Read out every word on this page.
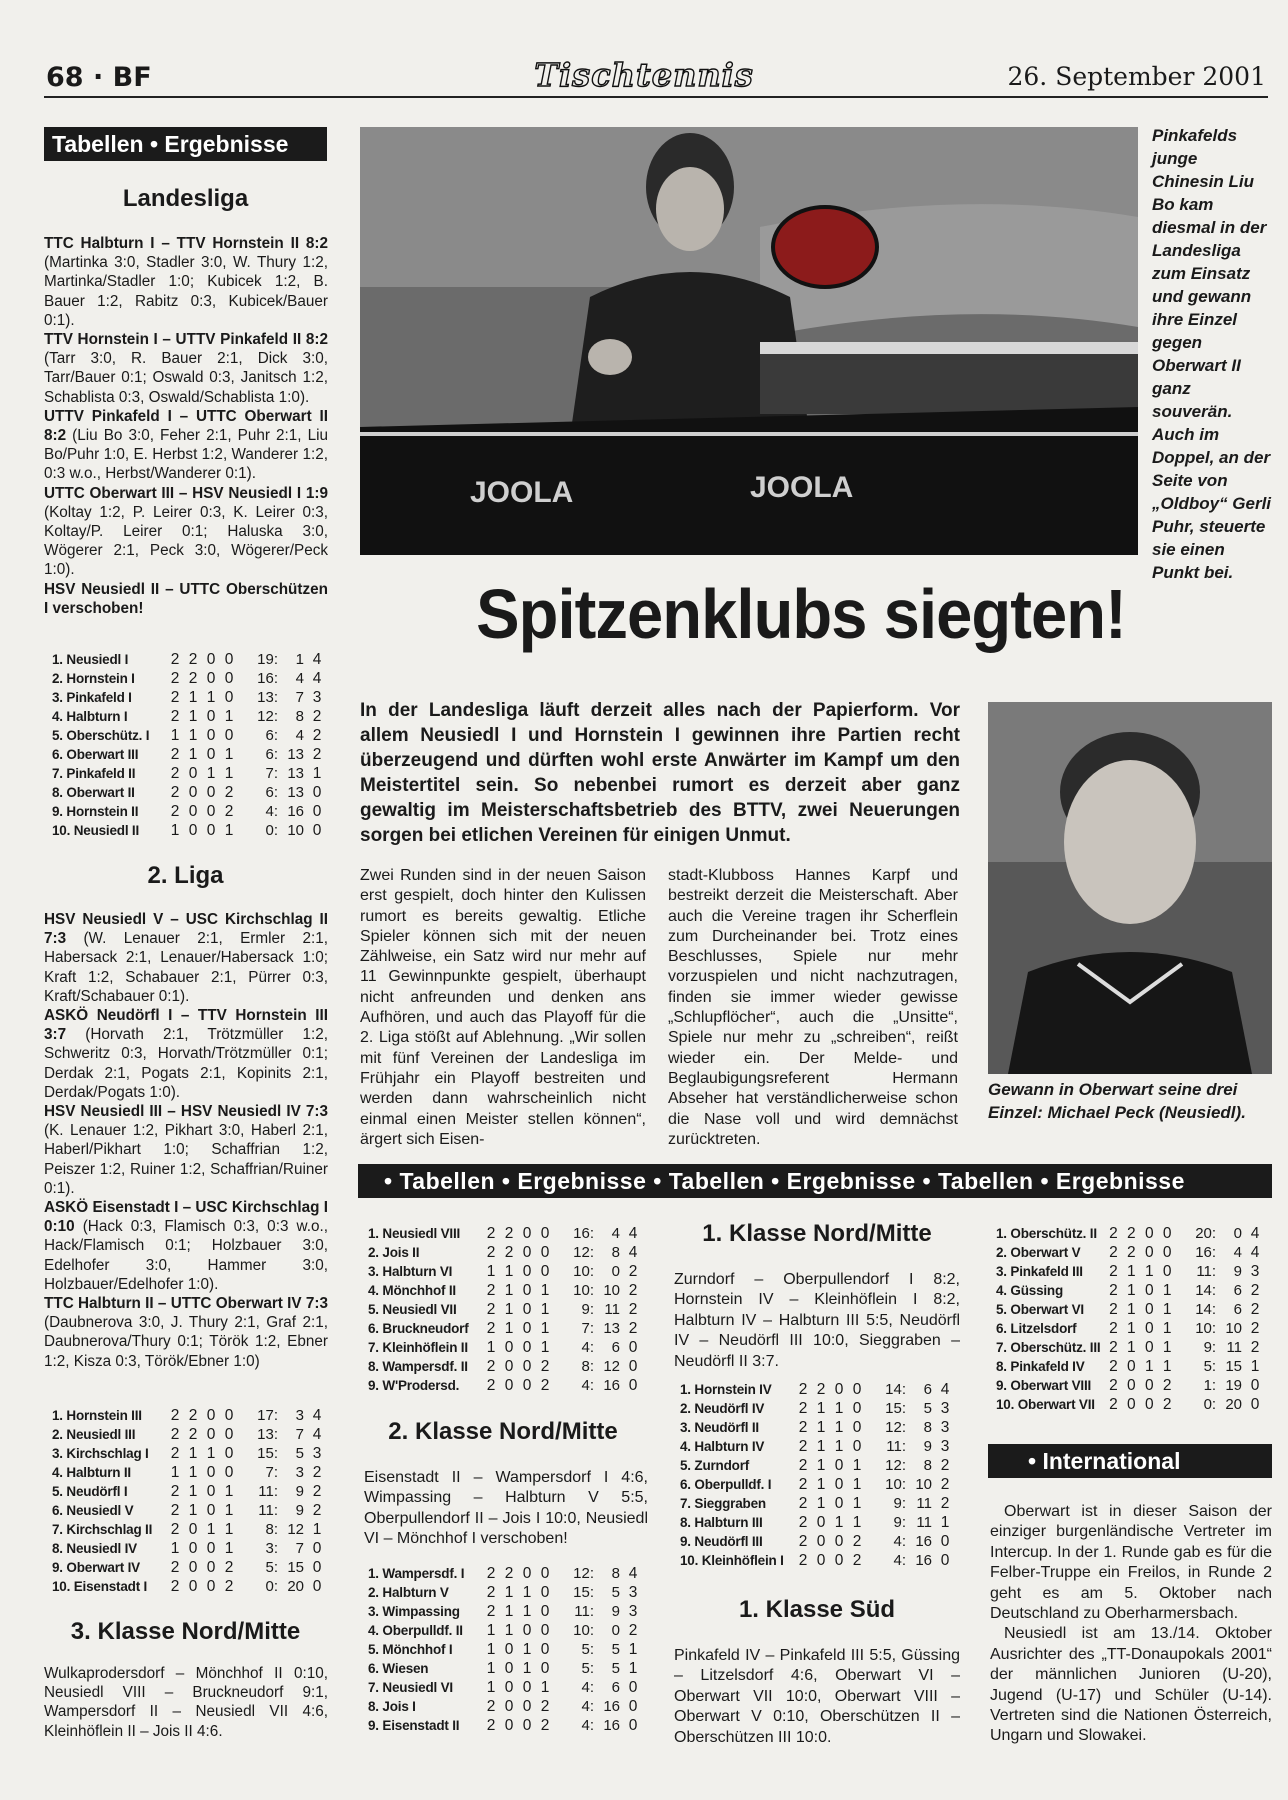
68 · BF	Tischtennis	26. September 2001
Tabellen • Ergebnisse
Landesliga

TTC Halbturn I – TTV Hornstein II 8:2 (Martinka 3:0, Stadler 3:0, W. Thury 1:2, Martinka/Stadler 1:0; Kubicek 1:2, B. Bauer 1:2, Rabitz 0:3, Kubicek/Bauer 0:1).

TTV Hornstein I – UTTV Pinkafeld II 8:2 (Tarr 3:0, R. Bauer 2:1, Dick 3:0, Tarr/Bauer 0:1; Oswald 0:3, Janitsch 1:2, Schablista 0:3, Oswald/Schablista 1:0).

UTTV Pinkafeld I – UTTC Oberwart II 8:2 (Liu Bo 3:0, Feher 2:1, Puhr 2:1, Liu Bo/Puhr 1:0, E. Herbst 1:2, Wanderer 1:2, 0:3 w.o., Herbst/Wanderer 0:1).

UTTC Oberwart III – HSV Neusiedl I 1:9 (Koltay 1:2, P. Leirer 0:3, K. Leirer 0:3, Koltay/P. Leirer 0:1; Haluska 3:0, Wögerer 2:1, Peck 3:0, Wögerer/Peck 1:0).

HSV Neusiedl II – UTTC Oberschützen I verschoben!

1. Neusiedl I	2	2	0	0	19:	1	4
2. Hornstein I	2	2	0	0	16:	4	4
3. Pinkafeld I	2	1	1	0	13:	7	3
4. Halbturn I	2	1	0	1	12:	8	2
5. Oberschütz. I	1	1	0	0	6:	4	2
6. Oberwart III	2	1	0	1	6:	13	2
7. Pinkafeld II	2	0	1	1	7:	13	1
8. Oberwart II	2	0	0	2	6:	13	0
9. Hornstein II	2	0	0	2	4:	16	0
10. Neusiedl II	1	0	0	1	0:	10	0
2. Liga

HSV Neusiedl V – USC Kirchschlag II 7:3 (W. Lenauer 2:1, Ermler 2:1, Habersack 2:1, Lenauer/Habersack 1:0; Kraft 1:2, Schabauer 2:1, Pürrer 0:3, Kraft/Schabauer 0:1).

ASKÖ Neudörfl I – TTV Hornstein III 3:7 (Horvath 2:1, Trötzmüller 1:2, Schweritz 0:3, Horvath/Trötzmüller 0:1; Derdak 2:1, Pogats 2:1, Kopinits 2:1, Derdak/Pogats 1:0).

HSV Neusiedl III – HSV Neusiedl IV 7:3 (K. Lenauer 1:2, Pikhart 3:0, Haberl 2:1, Haberl/Pikhart 1:0; Schaffrian 1:2, Peiszer 1:2, Ruiner 1:2, Schaffrian/Ruiner 0:1).

ASKÖ Eisenstadt I – USC Kirchschlag I 0:10 (Hack 0:3, Flamisch 0:3, 0:3 w.o., Hack/Flamisch 0:1; Holzbauer 3:0, Edelhofer 3:0, Hammer 3:0, Holzbauer/Edelhofer 1:0).

TTC Halbturn II – UTTC Oberwart IV 7:3 (Daubnerova 3:0, J. Thury 2:1, Graf 2:1, Daubnerova/Thury 0:1; Török 1:2, Ebner 1:2, Kisza 0:3, Török/Ebner 1:0)

1. Hornstein III	2	2	0	0	17:	3	4
2. Neusiedl III	2	2	0	0	13:	7	4
3. Kirchschlag I	2	1	1	0	15:	5	3
4. Halbturn II	1	1	0	0	7:	3	2
5. Neudörfl I	2	1	0	1	11:	9	2
6. Neusiedl V	2	1	0	1	11:	9	2
7. Kirchschlag II	2	0	1	1	8:	12	1
8. Neusiedl IV	1	0	0	1	3:	7	0
9. Oberwart IV	2	0	0	2	5:	15	0
10. Eisenstadt I	2	0	0	2	0:	20	0
3. Klasse Nord/Mitte
Wulkaprodersdorf – Mönchhof II 0:10, Neusiedl VIII – Bruckneudorf 9:1, Wampersdorf II – Neusiedl VII 4:6, Kleinhöflein II – Jois II 4:6.
JOOLA	JOOLA
Pinkafelds junge Chinesin Liu Bo kam diesmal in der Landesliga zum Einsatz und gewann ihre Einzel gegen Oberwart II ganz souverän. Auch im Doppel, an der Seite von „Oldboy“ Gerli Puhr, steuerte sie einen Punkt bei.
Spitzenklubs siegten!
In der Landesliga läuft derzeit alles nach der Papierform. Vor allem Neusiedl I und Hornstein I gewinnen ihre Partien recht überzeugend und dürften wohl erste Anwärter im Kampf um den Meistertitel sein. So nebenbei rumort es derzeit aber ganz gewaltig im Meisterschaftsbetrieb des BTTV, zwei Neuerungen sorgen bei etlichen Vereinen für einigen Unmut.
Zwei Runden sind in der neuen Saison erst gespielt, doch hinter den Kulissen rumort es bereits gewaltig. Etliche Spieler können sich mit der neuen Zählweise, ein Satz wird nur mehr auf 11 Gewinnpunkte gespielt, überhaupt nicht anfreunden und denken ans Aufhören, und auch das Playoff für die 2. Liga stößt auf Ablehnung. „Wir sollen mit fünf Vereinen der Landesliga im Frühjahr ein Playoff bestreiten und werden dann wahrscheinlich nicht einmal einen Meister stellen können“, ärgert sich Eisen-
stadt-Klubboss Hannes Karpf und bestreikt derzeit die Meisterschaft. Aber auch die Vereine tragen ihr Scherflein zum Durcheinander bei. Trotz eines Beschlusses, Spiele nur mehr vorzuspielen und nicht nachzutragen, finden sie immer wieder gewisse „Schlupflöcher“, auch die „Unsitte“, Spiele nur mehr zu „schreiben“, reißt wieder ein. Der Melde- und Beglaubigungsreferent Hermann Abseher hat verständlicherweise schon die Nase voll und wird demnächst zurücktreten.
Gewann in Oberwart seine drei Einzel: Michael Peck (Neusiedl).
• Tabellen • Ergebnisse • Tabellen • Ergebnisse • Tabellen • Ergebnisse
1. Neusiedl VIII	2	2	0	0	16:	4	4
2. Jois II	2	2	0	0	12:	8	4
3. Halbturn VI	1	1	0	0	10:	0	2
4. Mönchhof II	2	1	0	1	10:	10	2
5. Neusiedl VII	2	1	0	1	9:	11	2
6. Bruckneudorf	2	1	0	1	7:	13	2
7. Kleinhöflein II	1	0	0	1	4:	6	0
8. Wampersdf. II	2	0	0	2	8:	12	0
9. W'Prodersd.	2	0	0	2	4:	16	0
2. Klasse Nord/Mitte
Eisenstadt II – Wampersdorf I 4:6, Wimpassing – Halbturn V 5:5, Oberpullendorf II – Jois I 10:0, Neusiedl VI – Mönchhof I verschoben!
1. Wampersdf. I	2	2	0	0	12:	8	4
2. Halbturn V	2	1	1	0	15:	5	3
3. Wimpassing	2	1	1	0	11:	9	3
4. Oberpulldf. II	1	1	0	0	10:	0	2
5. Mönchhof I	1	0	1	0	5:	5	1
6. Wiesen	1	0	1	0	5:	5	1
7. Neusiedl VI	1	0	0	1	4:	6	0
8. Jois I	2	0	0	2	4:	16	0
9. Eisenstadt II	2	0	0	2	4:	16	0
1. Klasse Nord/Mitte
Zurndorf – Oberpullendorf I 8:2, Hornstein IV – Kleinhöflein I 8:2, Halbturn IV – Halbturn III 5:5, Neudörfl IV – Neudörfl III 10:0, Sieggraben – Neudörfl II 3:7.
1. Hornstein IV	2	2	0	0	14:	6	4
2. Neudörfl IV	2	1	1	0	15:	5	3
3. Neudörfl II	2	1	1	0	12:	8	3
4. Halbturn IV	2	1	1	0	11:	9	3
5. Zurndorf	2	1	0	1	12:	8	2
6. Oberpulldf. I	2	1	0	1	10:	10	2
7. Sieggraben	2	1	0	1	9:	11	2
8. Halbturn III	2	0	1	1	9:	11	1
9. Neudörfl III	2	0	0	2	4:	16	0
10. Kleinhöflein I	2	0	0	2	4:	16	0
1. Klasse Süd
Pinkafeld IV – Pinkafeld III 5:5, Güssing – Litzelsdorf 4:6, Oberwart VI – Oberwart VII 10:0, Oberwart VIII – Oberwart V 0:10, Oberschützen II – Oberschützen III 10:0.
1. Oberschütz. II	2	2	0	0	20:	0	4
2. Oberwart V	2	2	0	0	16:	4	4
3. Pinkafeld III	2	1	1	0	11:	9	3
4. Güssing	2	1	0	1	14:	6	2
5. Oberwart VI	2	1	0	1	14:	6	2
6. Litzelsdorf	2	1	0	1	10:	10	2
7. Oberschütz. III	2	1	0	1	9:	11	2
8. Pinkafeld IV	2	0	1	1	5:	15	1
9. Oberwart VIII	2	0	0	2	1:	19	0
10. Oberwart VII	2	0	0	2	0:	20	0
• International

Oberwart ist in dieser Saison der einziger burgenländische Vertreter im Intercup. In der 1. Runde gab es für die Felber-Truppe ein Freilos, in Runde 2 geht es am 5. Oktober nach Deutschland zu Oberharmersbach.

Neusiedl ist am 13./14. Oktober Ausrichter des „TT-Donaupokals 2001“ der männlichen Junioren (U-20), Jugend (U-17) und Schüler (U-14). Vertreten sind die Nationen Österreich, Ungarn und Slowakei.
